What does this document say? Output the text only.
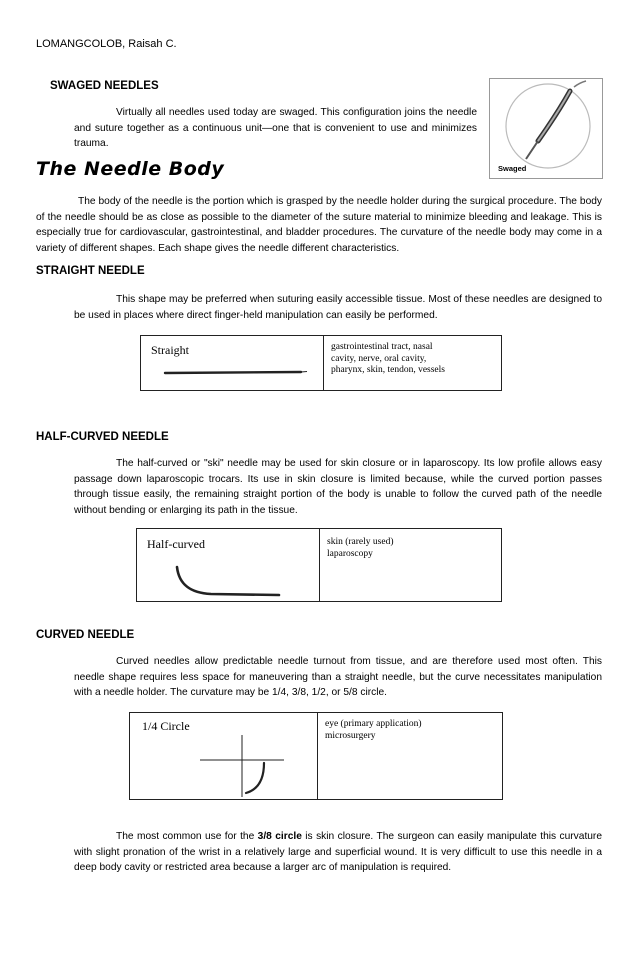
LOMANGCOLOB, Raisah C.
SWAGED NEEDLES
Virtually all needles used today are swaged. This configuration joins the needle and suture together as a continuous unit—one that is convenient to use and minimizes trauma.
Swaged
The Needle Body
The body of the needle is the portion which is grasped by the needle holder during the surgical procedure. The body of the needle should be as close as possible to the diameter of the suture material to minimize bleeding and leakage. This is especially true for cardiovascular, gastrointestinal, and bladder procedures. The curvature of the needle body may come in a variety of different shapes. Each shape gives the needle different characteristics.
STRAIGHT NEEDLE
This shape may be preferred when suturing easily accessible tissue. Most of these needles are designed to be used in places where direct finger-held manipulation can easily be performed.
Straight	gastrointestinal tract, nasal
cavity, nerve, oral cavity,
pharynx, skin, tendon, vessels
HALF-CURVED NEEDLE
The half-curved or "ski" needle may be used for skin closure or in laparoscopy. Its low profile allows easy passage down laparoscopic trocars. Its use in skin closure is limited because, while the curved portion passes through tissue easily, the remaining straight portion of the body is unable to follow the curved path of the needle without bending or enlarging its path in the tissue.
Half-curved	skin (rarely used)
laparoscopy
CURVED NEEDLE
Curved needles allow predictable needle turnout from tissue, and are therefore used most often. This needle shape requires less space for maneuvering than a straight needle, but the curve necessitates manipulation with a needle holder. The curvature may be 1/4, 3/8, 1/2, or 5/8 circle.
1/4 Circle	eye (primary application)
microsurgery
The most common use for the 3/8 circle is skin closure. The surgeon can easily manipulate this curvature with slight pronation of the wrist in a relatively large and superficial wound. It is very difficult to use this needle in a deep body cavity or restricted area because a larger arc of manipulation is required.
